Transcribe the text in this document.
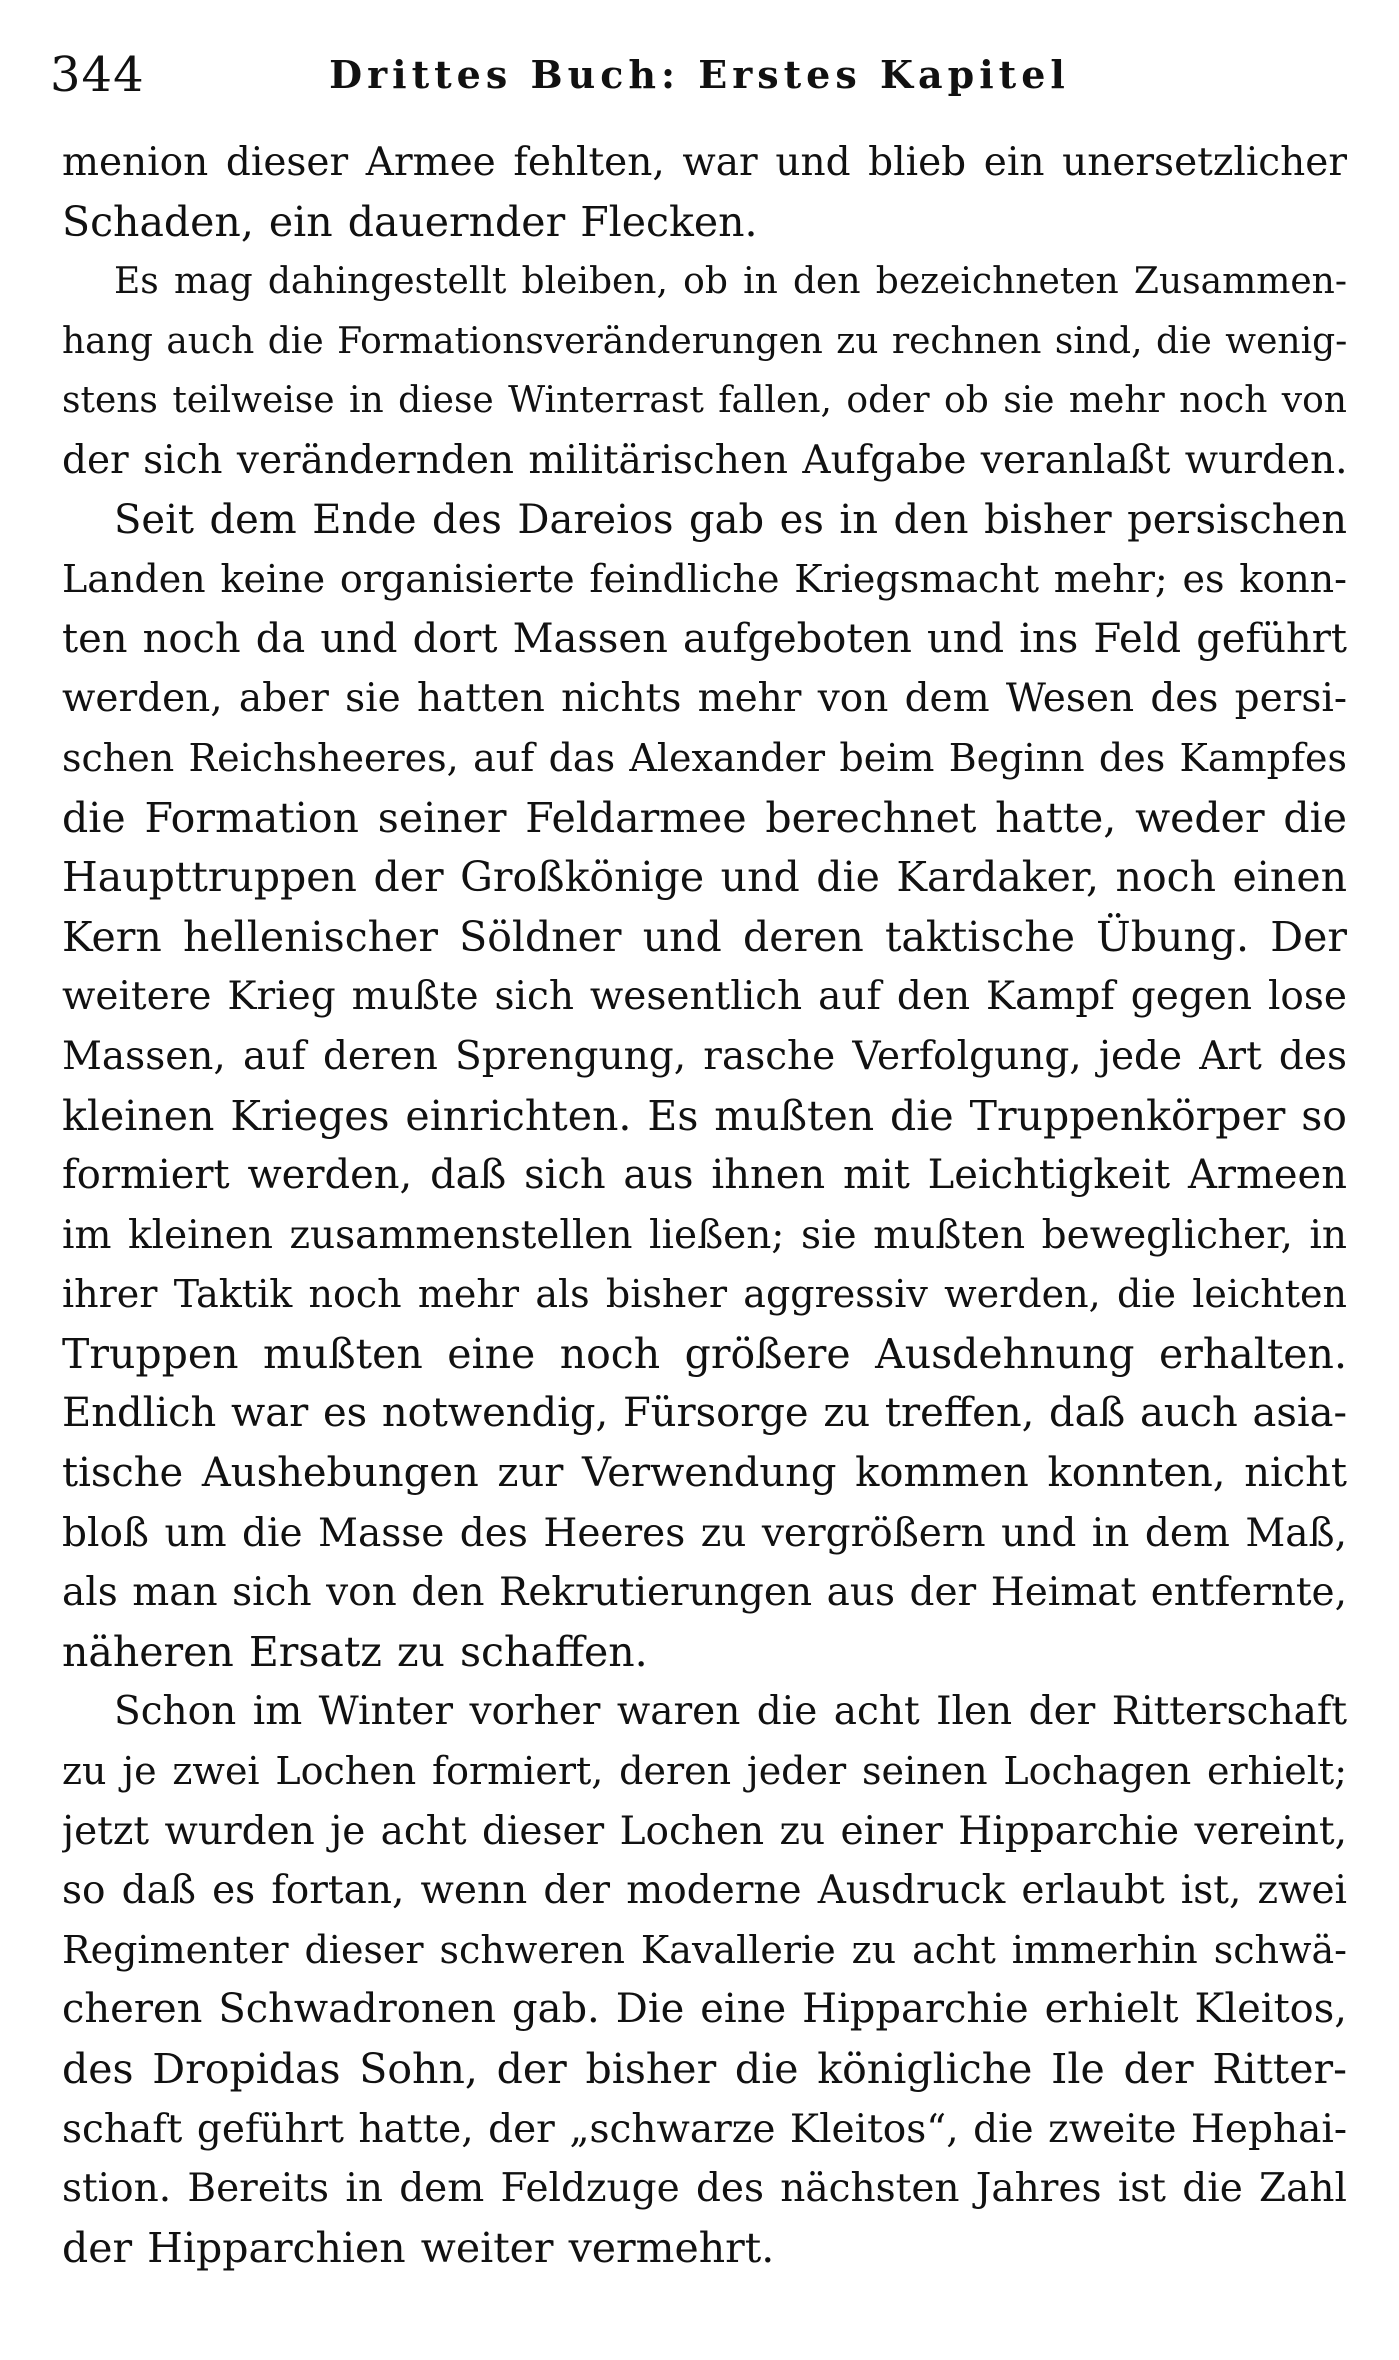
344	Drittes Buch: Erstes Kapitel
menion dieser Armee fehlten, war und blieb ein unersetzlicher
Schaden, ein dauernder Flecken.
Es mag dahingestellt bleiben, ob in den bezeichneten Zusammen-
hang auch die Formationsveränderungen zu rechnen sind, die wenig-
stens teilweise in diese Winterrast fallen, oder ob sie mehr noch von
der sich verändernden militärischen Aufgabe veranlaßt wurden.
Seit dem Ende des Dareios gab es in den bisher persischen
Landen keine organisierte feindliche Kriegsmacht mehr; es konn-
ten noch da und dort Massen aufgeboten und ins Feld geführt
werden, aber sie hatten nichts mehr von dem Wesen des persi-
schen Reichsheeres, auf das Alexander beim Beginn des Kampfes
die Formation seiner Feldarmee berechnet hatte, weder die
Haupttruppen der Großkönige und die Kardaker, noch einen
Kern hellenischer Söldner und deren taktische Übung. Der
weitere Krieg mußte sich wesentlich auf den Kampf gegen lose
Massen, auf deren Sprengung, rasche Verfolgung, jede Art des
kleinen Krieges einrichten. Es mußten die Truppenkörper so
formiert werden, daß sich aus ihnen mit Leichtigkeit Armeen
im kleinen zusammenstellen ließen; sie mußten beweglicher, in
ihrer Taktik noch mehr als bisher aggressiv werden, die leichten
Truppen mußten eine noch größere Ausdehnung erhalten.
Endlich war es notwendig, Fürsorge zu treffen, daß auch asia-
tische Aushebungen zur Verwendung kommen konnten, nicht
bloß um die Masse des Heeres zu vergrößern und in dem Maß,
als man sich von den Rekrutierungen aus der Heimat entfernte,
näheren Ersatz zu schaffen.
Schon im Winter vorher waren die acht Ilen der Ritterschaft
zu je zwei Lochen formiert, deren jeder seinen Lochagen erhielt;
jetzt wurden je acht dieser Lochen zu einer Hipparchie vereint,
so daß es fortan, wenn der moderne Ausdruck erlaubt ist, zwei
Regimenter dieser schweren Kavallerie zu acht immerhin schwä-
cheren Schwadronen gab. Die eine Hipparchie erhielt Kleitos,
des Dropidas Sohn, der bisher die königliche Ile der Ritter-
schaft geführt hatte, der „schwarze Kleitos“, die zweite Hephai-
stion. Bereits in dem Feldzuge des nächsten Jahres ist die Zahl
der Hipparchien weiter vermehrt.
